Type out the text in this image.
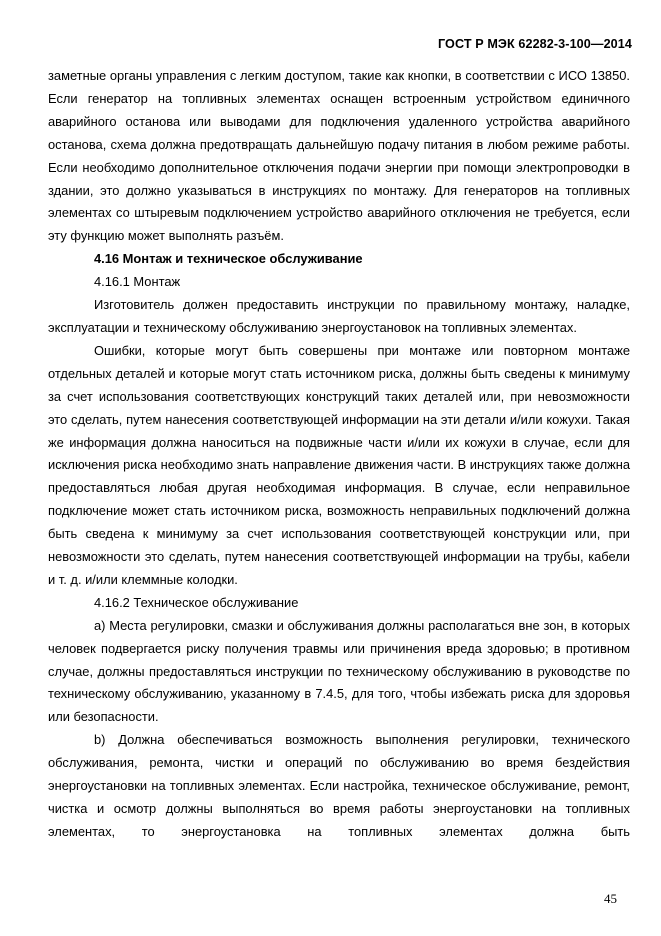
ГОСТ Р МЭК 62282-3-100—2014

заметные органы управления с легким доступом, такие как кнопки, в соответствии с ИСО 13850. Если генератор на топливных элементах оснащен встроенным устройством единичного аварийного останова или выводами для подключения удаленного устройства аварийного останова, схема должна предотвращать дальнейшую подачу питания в любом режиме работы. Если необходимо дополнительное отключения подачи энергии при помощи электропроводки в здании, это должно указываться в инструкциях по монтажу. Для генераторов на топливных элементах со штыревым подключением устройство аварийного отключения не требуется, если эту функцию может выполнять разъём.

4.16 Монтаж и техническое обслуживание

4.16.1 Монтаж

Изготовитель должен предоставить инструкции по правильному монтажу, наладке, эксплуатации и техническому обслуживанию энергоустановок на топливных элементах.

Ошибки, которые могут быть совершены при монтаже или повторном монтаже отдельных деталей и которые могут стать источником риска, должны быть сведены к минимуму за счет использования соответствующих конструкций таких деталей или, при невозможности это сделать, путем нанесения соответствующей информации на эти детали и/или кожухи. Такая же информация должна наноситься на подвижные части и/или их кожухи в случае, если для исключения риска необходимо знать направление движения части. В инструкциях также должна предоставляться любая другая необходимая информация. В случае, если неправильное подключение может стать источником риска, возможность неправильных подключений должна быть сведена к минимуму за счет использования соответствующей конструкции или, при невозможности это сделать, путем нанесения соответствующей информации на трубы, кабели и т. д. и/или клеммные колодки.

4.16.2 Техническое обслуживание

a) Места регулировки, смазки и обслуживания должны располагаться вне зон, в которых человек подвергается риску получения травмы или причинения вреда здоровью; в противном случае, должны предоставляться инструкции по техническому обслуживанию в руководстве по техническому обслуживанию, указанному в 7.4.5, для того, чтобы избежать риска для здоровья или безопасности.

b) Должна обеспечиваться возможность выполнения регулировки, технического обслуживания, ремонта, чистки и операций по обслуживанию во время бездействия энергоустановки на топливных элементах. Если настройка, техническое обслуживание, ремонт, чистка и осмотр должны выполняться во время работы энергоустановки на топливных элементах, то энергоустановка на топливных элементах должна быть

45
